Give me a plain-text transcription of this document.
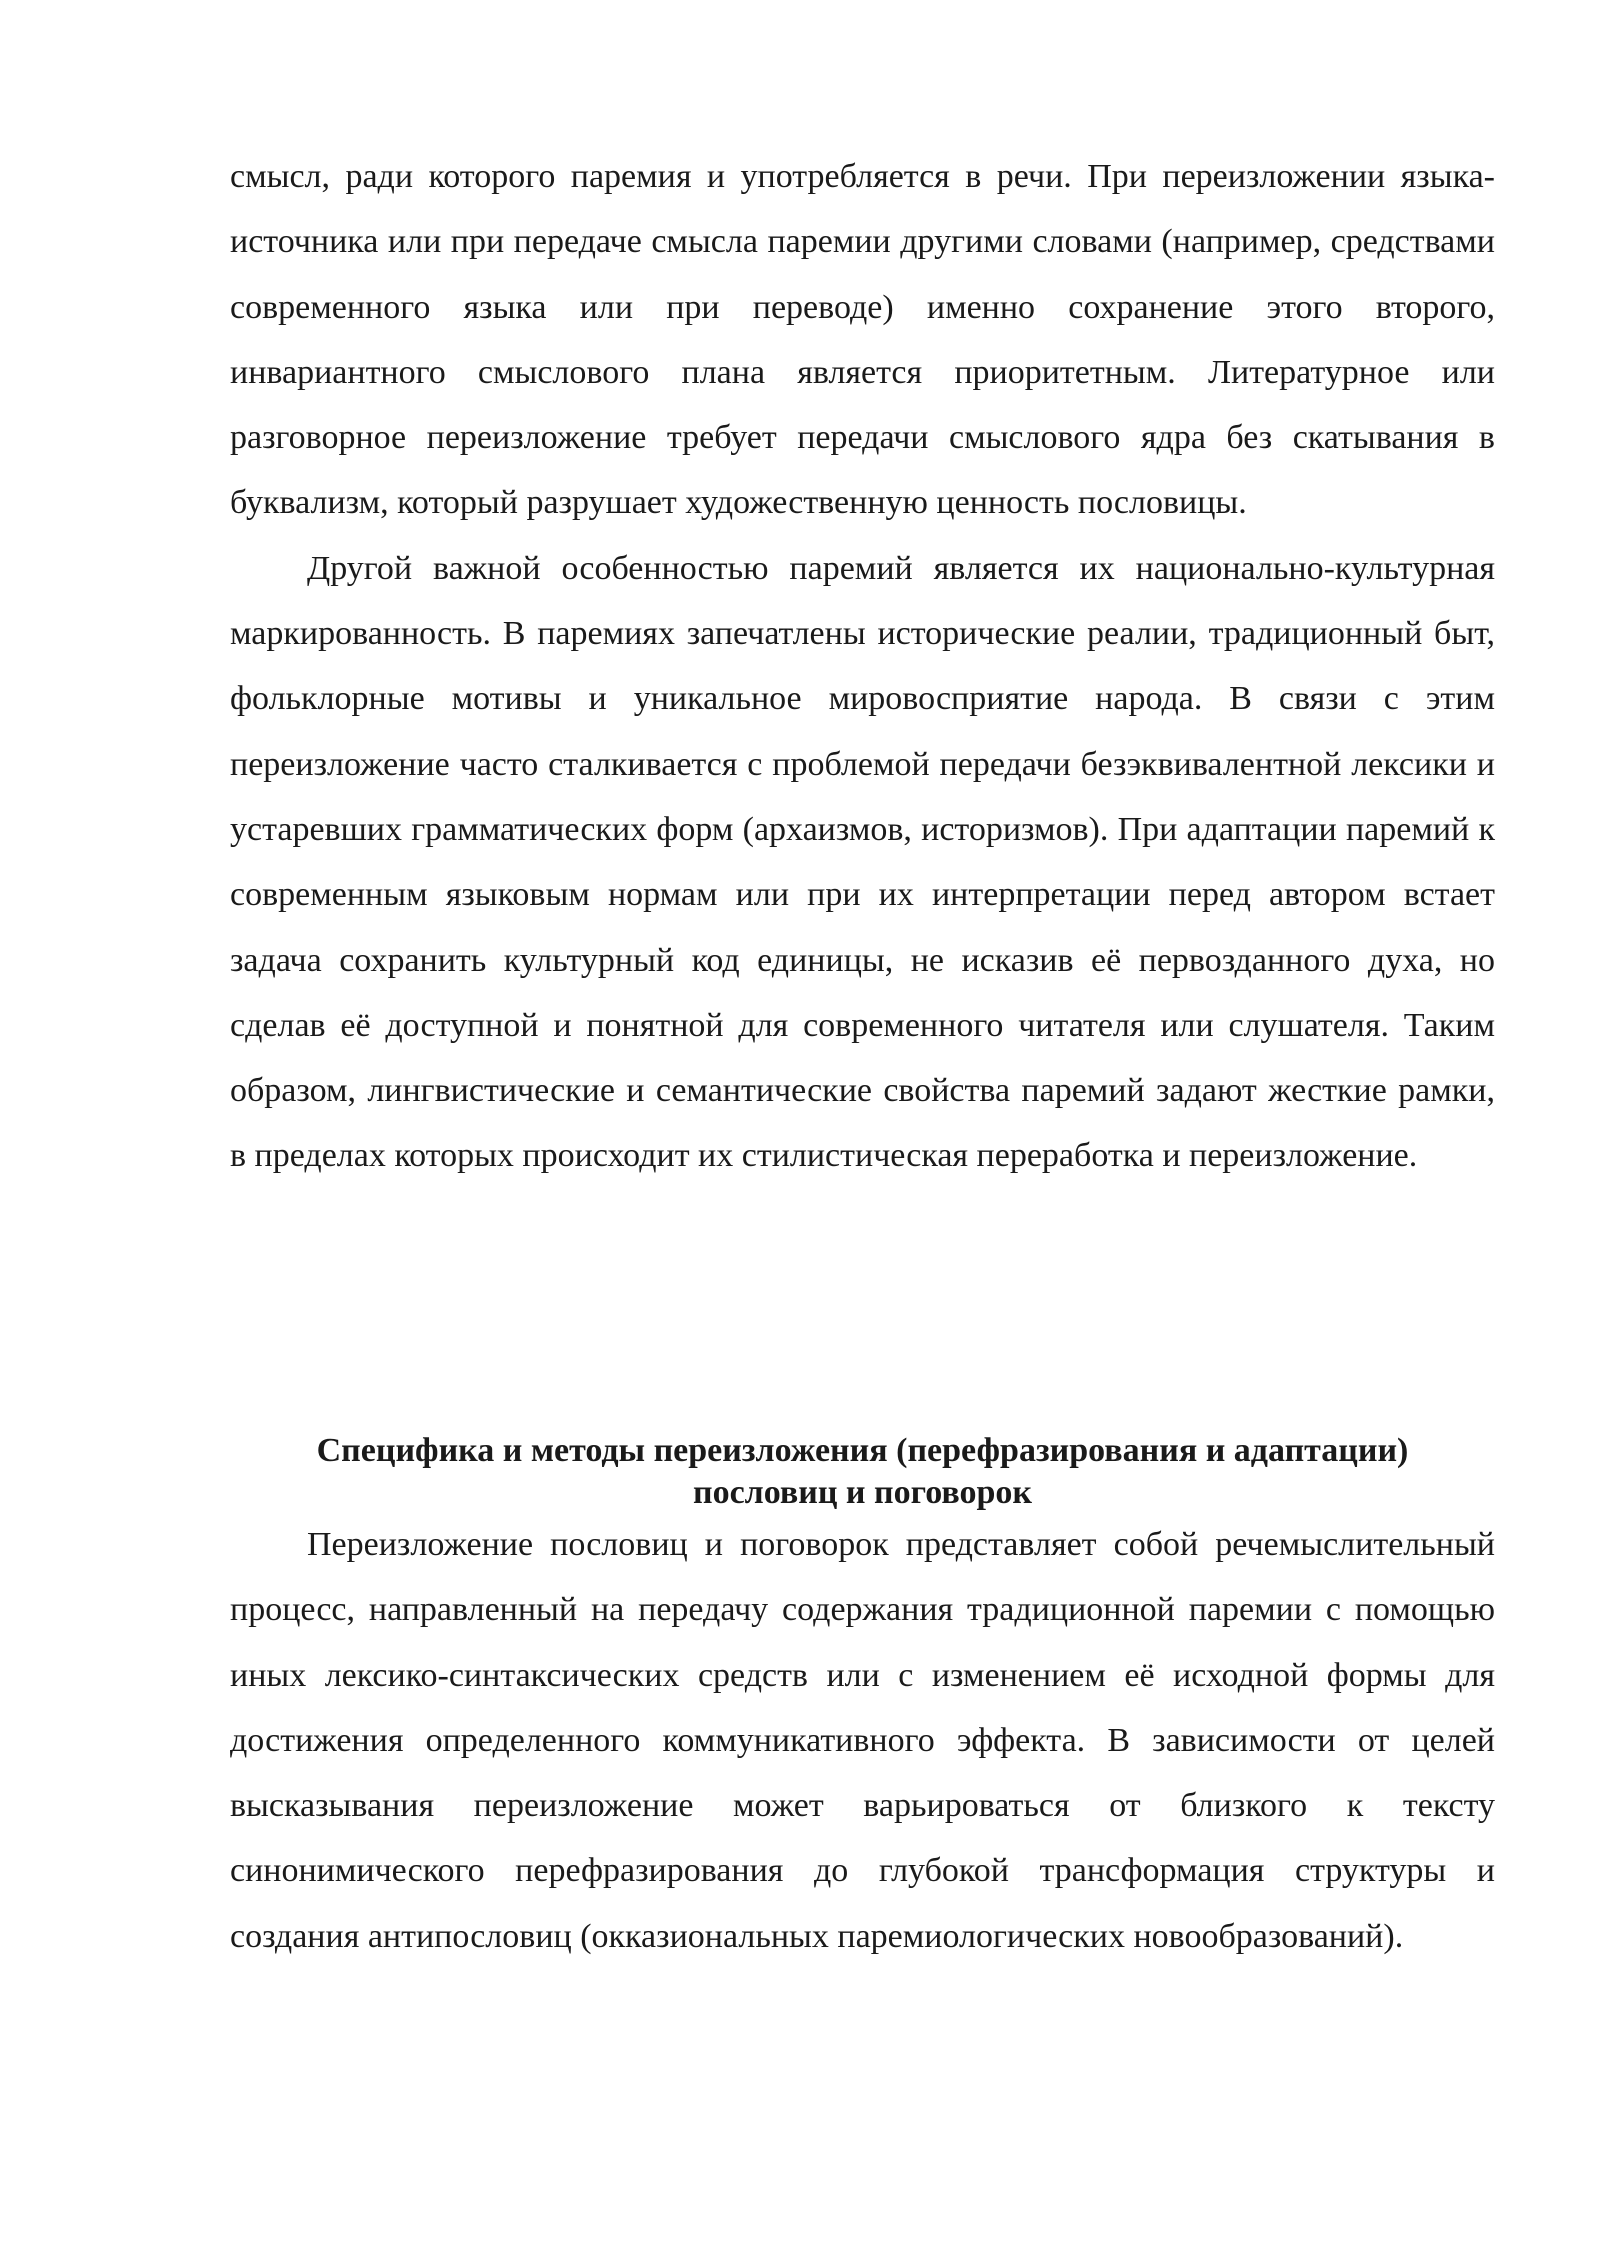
смысл, ради которого паремия и употребляется в речи. При переизложении языка-источника или при передаче смысла паремии другими словами (например, средствами современного языка или при переводе) именно сохранение этого второго, инвариантного смыслового плана является приоритетным. Литературное или разговорное переизложение требует передачи смыслового ядра без скатывания в буквализм, который разрушает художественную ценность пословицы.

Другой важной особенностью паремий является их национально-культурная маркированность. В паремиях запечатлены исторические реалии, традиционный быт, фольклорные мотивы и уникальное мировосприятие народа. В связи с этим переизложение часто сталкивается с проблемой передачи безэквивалентной лексики и устаревших грамматических форм (архаизмов, историзмов). При адаптации паремий к современным языковым нормам или при их интерпретации перед автором встает задача сохранить культурный код единицы, не исказив её первозданного духа, но сделав её доступной и понятной для современного читателя или слушателя. Таким образом, лингвистические и семантические свойства паремий задают жесткие рамки, в пределах которых происходит их стилистическая переработка и переизложение.

Специфика и методы переизложения (перефразирования и адаптации)
пословиц и поговорок

Переизложение пословиц и поговорок представляет собой речемыслительный процесс, направленный на передачу содержания традиционной паремии с помощью иных лексико-синтаксических средств или с изменением её исходной формы для достижения определенного коммуникативного эффекта. В зависимости от целей высказывания переизложение может варьироваться от близкого к тексту синонимического перефразирования до глубокой трансформация структуры и создания антипословиц (окказиональных паремиологических новообразований).
